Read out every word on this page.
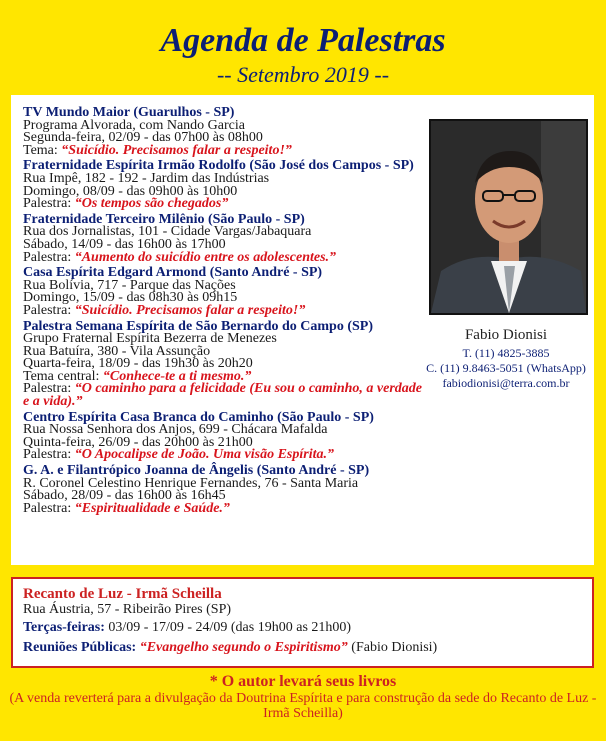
Agenda de Palestras
-- Setembro 2019 --
TV Mundo Maior (Guarulhos - SP)
Programa Alvorada, com Nando Garcia
Segunda-feira, 02/09 - das 07h00 às 08h00
Tema: “Suicídio. Precisamos falar a respeito!”
Fraternidade Espírita Irmão Rodolfo (São José dos Campos - SP)
Rua Impê, 182 - 192 - Jardim das Indústrias
Domingo, 08/09 - das 09h00 às 10h00
Palestra: “Os tempos são chegados”
Fraternidade Terceiro Milênio (São Paulo - SP)
Rua dos Jornalistas, 101 - Cidade Vargas/Jabaquara
Sábado, 14/09 - das 16h00 às 17h00
Palestra: “Aumento do suicídio entre os adolescentes.”
Casa Espírita Edgard Armond (Santo André - SP)
Rua Bolívia, 717 - Parque das Nações
Domingo, 15/09 - das 08h30 às 09h15
Palestra: “Suicídio. Precisamos falar a respeito!”
Palestra Semana Espírita de São Bernardo do Campo (SP)
Grupo Fraternal Espírita Bezerra de Menezes
Rua Batuíra, 380 - Vila Assunção
Quarta-feira, 18/09 - das 19h30 às 20h20
Tema central: “Conhece-te a ti mesmo.”
Palestra: “O caminho para a felicidade (Eu sou o caminho, a verdade e a vida).”
Centro Espírita Casa Branca do Caminho (São Paulo - SP)
Rua Nossa Senhora dos Anjos, 699 - Chácara Mafalda
Quinta-feira, 26/09 - das 20h00 às 21h00
Palestra: “O Apocalipse de João. Uma visão Espírita.”
G. A. e Filantrópico Joanna de Ângelis (Santo André - SP)
R. Coronel Celestino Henrique Fernandes, 76 - Santa Maria
Sábado, 28/09 - das 16h00 às 16h45
Palestra: “Espiritualidade e Saúde.”
Fabio Dionisi
T. (11) 4825-3885
C. (11) 9.8463-5051 (WhatsApp)
fabiodionisi@terra.com.br
Recanto de Luz - Irmã Scheilla
Rua Áustria, 57 - Ribeirão Pires (SP)
Terças-feiras: 03/09 - 17/09 - 24/09 (das 19h00 as 21h00)
Reuniões Públicas: “Evangelho segundo o Espiritismo” (Fabio Dionisi)
* O autor levará seus livros
(A venda reverterá para a divulgação da Doutrina Espírita e para construção da sede do Recanto de Luz - Irmã Scheilla)
